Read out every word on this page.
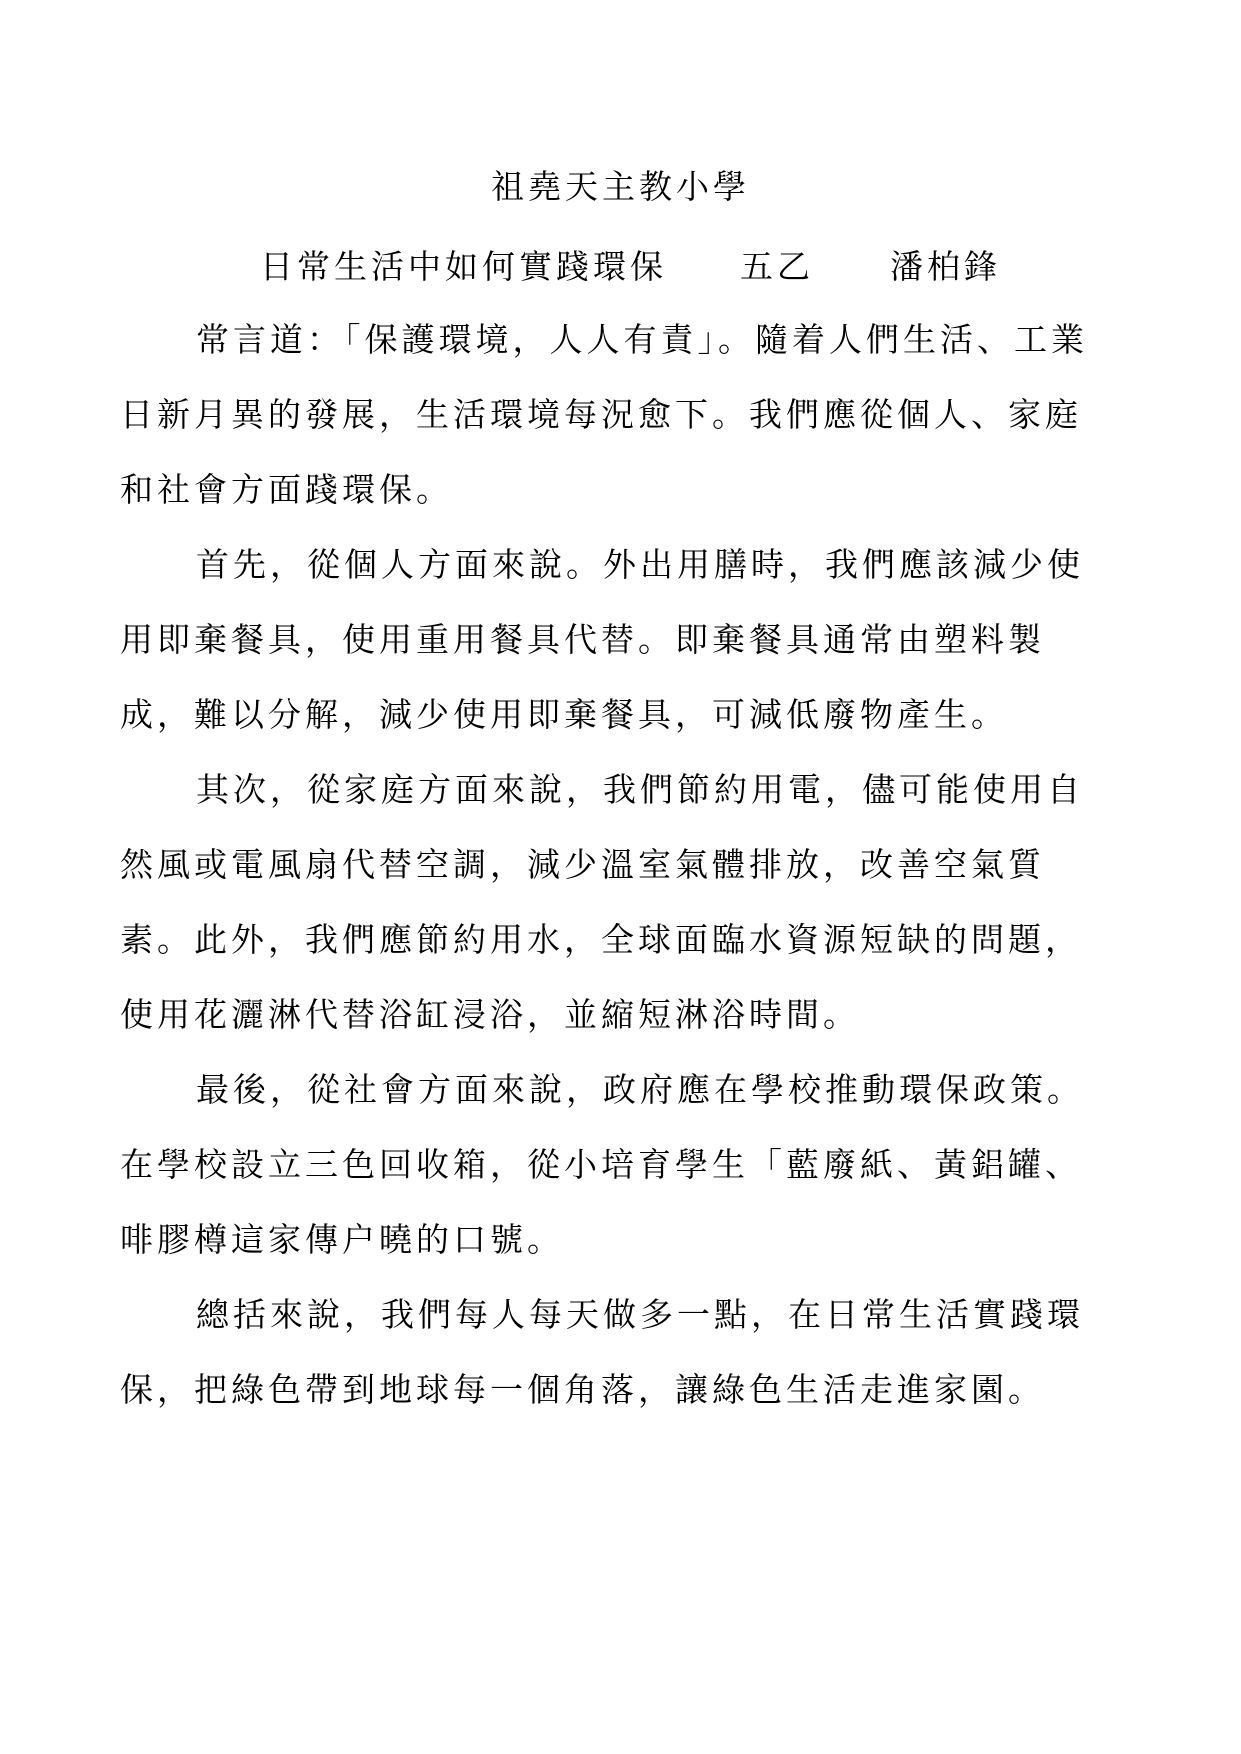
祖堯天主教小學
日常生活中如何實踐環保 五乙 潘柏鋒
常言道：「保護環境，人人有責」。隨着人們生活、工業
日新月異的發展，生活環境每況愈下。我們應從個人、家庭
和社會方面踐環保。
首先，從個人方面來說。外出用膳時，我們應該減少使
用即棄餐具，使用重用餐具代替。即棄餐具通常由塑料製
成，難以分解，減少使用即棄餐具，可減低廢物產生。
其次，從家庭方面來說，我們節約用電，儘可能使用自
然風或電風扇代替空調，減少溫室氣體排放，改善空氣質
素。此外，我們應節約用水，全球面臨水資源短缺的問題，
使用花灑淋代替浴缸浸浴，並縮短淋浴時間。
最後，從社會方面來說，政府應在學校推動環保政策。
在學校設立三色回收箱，從小培育學生「藍廢紙、黃鋁罐、
啡膠樽這家傳户曉的口號。
總括來說，我們每人每天做多一點，在日常生活實踐環
保，把綠色帶到地球每一個角落，讓綠色生活走進家園。
